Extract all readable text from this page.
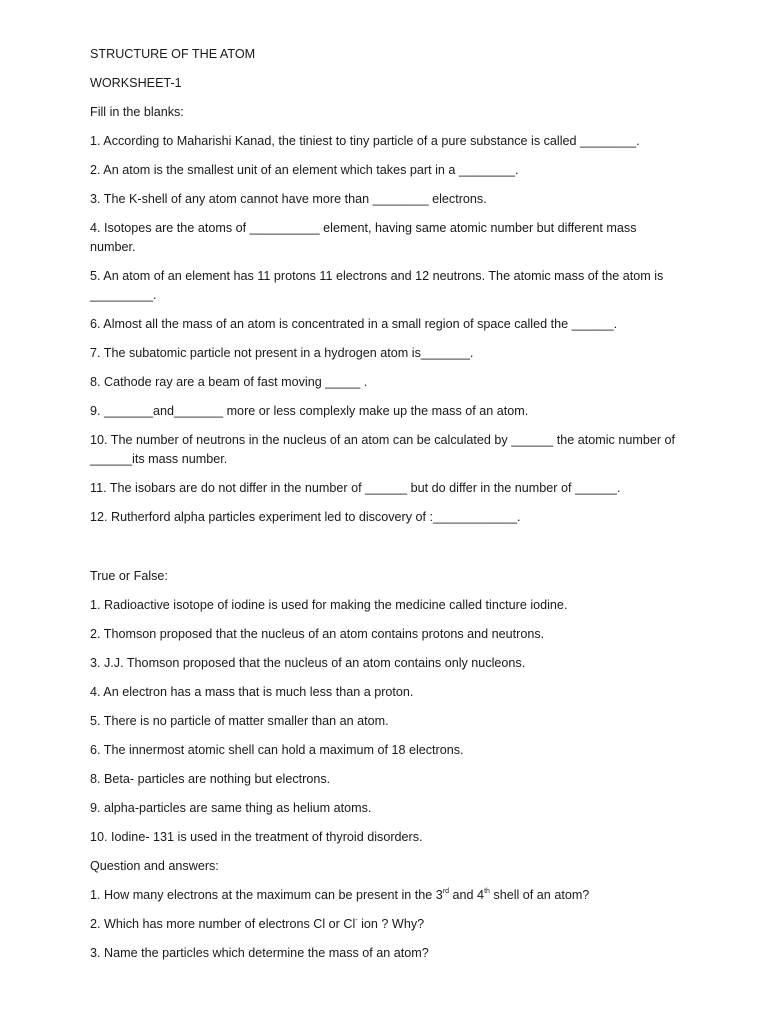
STRUCTURE OF THE ATOM
WORKSHEET-1
Fill in the blanks:
1. According to Maharishi Kanad, the tiniest to tiny particle of a pure substance is called ________.
2. An atom is the smallest unit of an element which takes part in a ________.
3. The K-shell of any atom cannot have more than ________ electrons.
4. Isotopes are the atoms of __________ element, having same atomic number but different mass number.
5. An atom of an element has 11 protons 11 electrons and 12 neutrons. The atomic mass of the atom is _________.
6. Almost all the mass of an atom is concentrated in a small region of space called the ______.
7. The subatomic particle not present in a hydrogen atom is_______.
8. Cathode ray are a beam of fast moving _____ .
9. _______and_______ more or less complexly make up the mass of an atom.
10. The number of neutrons in the nucleus of an atom can be calculated by ______ the atomic number of ______its mass number.
11. The isobars are do not differ in the number of ______ but do differ in the number of ______.
12. Rutherford alpha particles experiment led to discovery of :____________.
True or False:
1. Radioactive isotope of iodine is used for making the medicine called tincture iodine.
2. Thomson proposed that the nucleus of an atom contains protons and neutrons.
3. J.J. Thomson proposed that the nucleus of an atom contains only nucleons.
4. An electron has a mass that is much less than a proton.
5. There is no particle of matter smaller than an atom.
6. The innermost atomic shell can hold a maximum of 18 electrons.
8. Beta- particles are nothing but electrons.
9. alpha-particles are same thing as helium atoms.
10. Iodine- 131 is used in the treatment of thyroid disorders.
Question and answers:
1. How many electrons at the maximum can be present in the 3rd and 4th shell of an atom?
2. Which has more number of electrons Cl or Cl- ion ? Why?
3. Name the particles which determine the mass of an atom?
